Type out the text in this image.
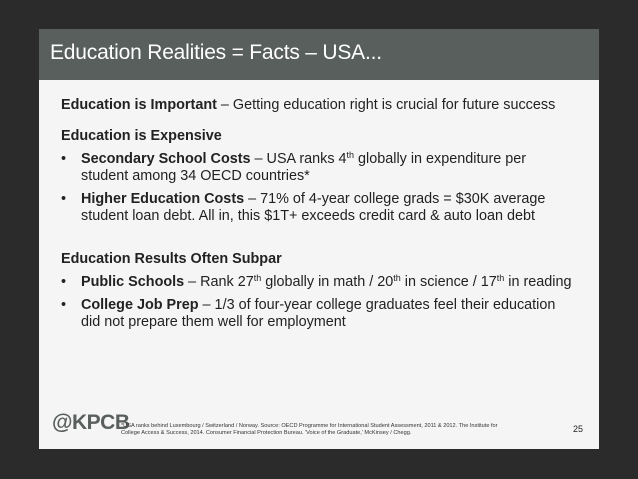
Education Realities = Facts – USA...

Education is Important – Getting education right is crucial for future success

Education is Expensive

• Secondary School Costs – USA ranks 4th globally in expenditure per
student among 34 OECD countries*
• Higher Education Costs – 71% of 4-year college grads = $30K average
student loan debt. All in, this $1T+ exceeds credit card & auto loan debt

Education Results Often Subpar

• Public Schools – Rank 27th globally in math / 20th in science / 17th in reading
• College Job Prep – 1/3 of four-year college graduates feel their education
did not prepare them well for employment
@KPCB
*USA ranks behind Luxembourg / Switzerland / Norway. Source: OECD Programme for International Student Assessment, 2011 & 2012. The Institute for
College Access & Success, 2014. Consumer Financial Protection Bureau. 'Voice of the Graduate,' McKinsey / Chegg.	25
